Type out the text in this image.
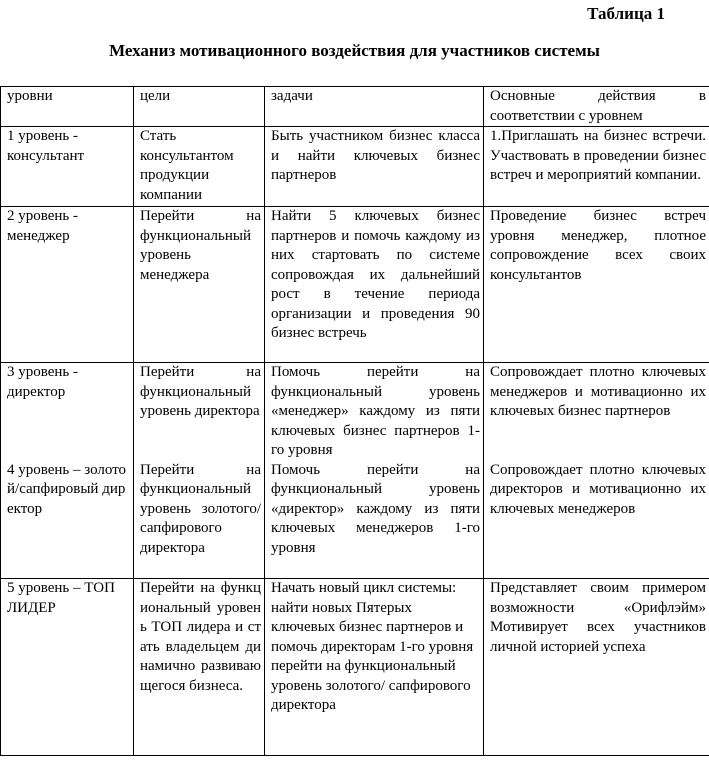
Таблица 1
Механиз мотивационного воздействия для участников системы
уровни	цели	задачи	Основные действия в соответствии с уровнем
1 уровень - консультант	Стать консультантом продукции компании	Быть участником бизнес класса и найти ключевых бизнес партнеров	1.Приглашать на бизнес встречи. Участвовать в проведении бизнес встреч и мероприятий компании.
2 уровень - менеджер	Перейти на функциональный уровень менеджера	Найти 5 ключевых бизнес партнеров и помочь каждому из них стартовать по системе сопровождая их дальнейший рост в течение периода организации и проведения 90 бизнес встречь	Проведение бизнес встреч уровня менеджер, плотное сопровождение всех своих консультантов
3 уровень - директор	Перейти на функциональный уровень директора	Помочь перейти на функциональный уровень «менеджер» каждому из пяти ключевых бизнес партнеров 1-го уровня	Сопровождает плотно ключевых менеджеров и мотивационно их ключевых бизнес партнеров
4 уровень – золотой/сапфировый директор	Перейти на функциональный уровень золотого/сапфирового директора	Помочь перейти на функциональный уровень «директор» каждому из пяти ключевых менеджеров 1-го уровня	Сопровождает плотно ключевых директоров и мотивационно их ключевых менеджеров
5 уровень – ТОП ЛИДЕР	Перейти на функциональный уровень ТОП лидера и стать владельцем динамично развивающегося бизнеса.	Начать новый цикл системы: найти новых Пятерых ключевых бизнес партнеров и помочь директорам 1-го уровня перейти на функциональный уровень золотого/ сапфирового директора	Представляет своим примером возможности «Орифлэйм» Мотивирует всех участников личной историей успеха
